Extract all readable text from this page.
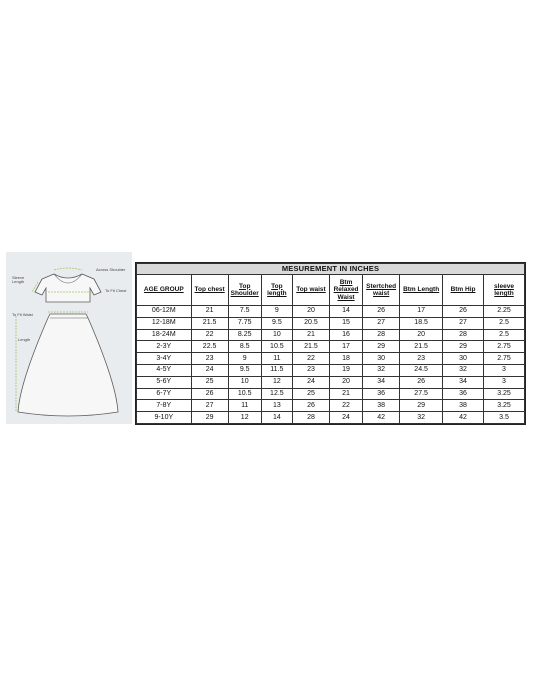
Sleeve
Length
Across Shoulder
To Fit Chest
To Fit Waist
Length
MESUREMENT IN INCHES									
AGE GROUP	Top chest	Top Shoulder	Top length	Top waist	Btm Relaxed Waist	Stertched waist	Btm Length	Btm Hip	sleeve length
06-12M	21	7.5	9	20	14	26	17	26	2.25
12-18M	21.5	7.75	9.5	20.5	15	27	18.5	27	2.5
18-24M	22	8.25	10	21	16	28	20	28	2.5
2-3Y	22.5	8.5	10.5	21.5	17	29	21.5	29	2.75
3-4Y	23	9	11	22	18	30	23	30	2.75
4-5Y	24	9.5	11.5	23	19	32	24.5	32	3
5-6Y	25	10	12	24	20	34	26	34	3
6-7Y	26	10.5	12.5	25	21	36	27.5	36	3.25
7-8Y	27	11	13	26	22	38	29	38	3.25
9-10Y	29	12	14	28	24	42	32	42	3.5
